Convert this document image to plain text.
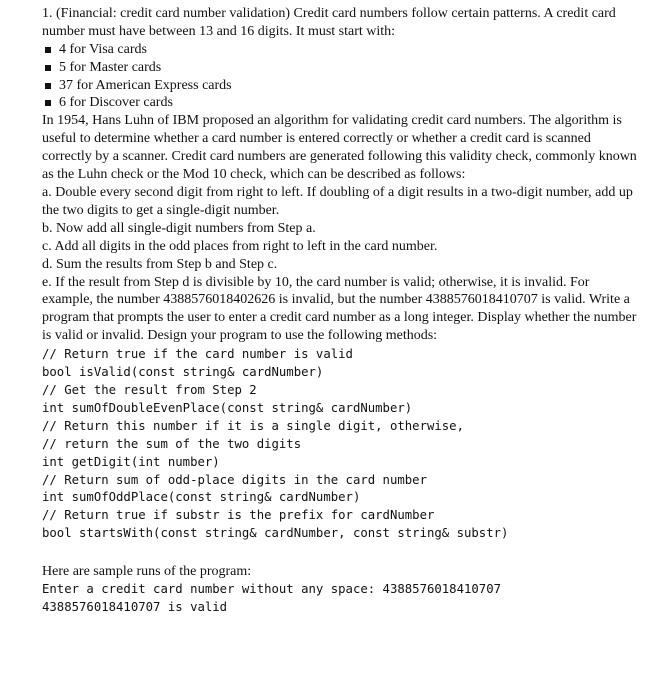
1. (Financial: credit card number validation) Credit card numbers follow certain patterns. A credit card number must have between 13 and 16 digits. It must start with:

4 for Visa cards
5 for Master cards
37 for American Express cards
6 for Discover cards

In 1954, Hans Luhn of IBM proposed an algorithm for validating credit card numbers. The algorithm is useful to determine whether a card number is entered correctly or whether a credit card is scanned correctly by a scanner. Credit card numbers are generated following this validity check, commonly known as the Luhn check or the Mod 10 check, which can be described as follows:

a. Double every second digit from right to left. If doubling of a digit results in a two-digit number, add up the two digits to get a single-digit number.

b. Now add all single-digit numbers from Step a.

c. Add all digits in the odd places from right to left in the card number.

d. Sum the results from Step b and Step c.

e. If the result from Step d is divisible by 10, the card number is valid; otherwise, it is invalid. For example, the number 4388576018402626 is invalid, but the number 4388576018410707 is valid. Write a program that prompts the user to enter a credit card number as a long integer. Display whether the number is valid or invalid. Design your program to use the following methods:

// Return true if the card number is valid
bool isValid(const string& cardNumber)
// Get the result from Step 2
int sumOfDoubleEvenPlace(const string& cardNumber)
// Return this number if it is a single digit, otherwise,
// return the sum of the two digits
int getDigit(int number)
// Return sum of odd-place digits in the card number
int sumOfOddPlace(const string& cardNumber)
// Return true if substr is the prefix for cardNumber
bool startsWith(const string& cardNumber, const string& substr)

Here are sample runs of the program:

Enter a credit card number without any space: 4388576018410707
4388576018410707 is valid
